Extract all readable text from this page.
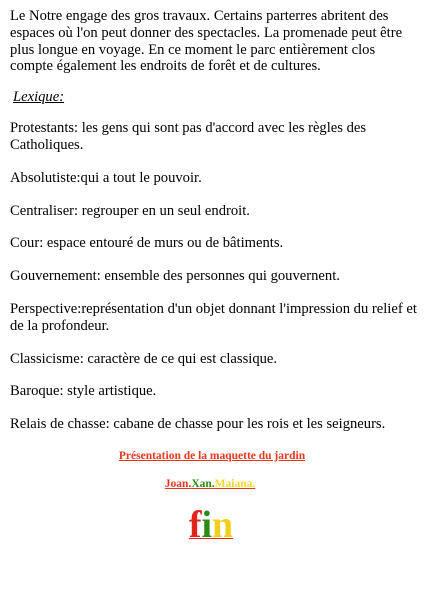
Le Notre engage des gros travaux. Certains parterres abritent des espaces où l'on peut donner des spectacles. La promenade peut être plus longue en voyage. En ce moment le parc entièrement clos compte également les endroits de forêt et de cultures.

Lexique:

Protestants: les gens qui sont pas d'accord avec les règles des Catholiques.

Absolutiste:qui a tout le pouvoir.

Centraliser: regrouper en un seul endroit.

Cour: espace entouré de murs ou de bâtiments.

Gouvernement: ensemble des personnes qui gouvernent.

Perspective:représentation d'un objet donnant l'impression du relief et de la profondeur.

Classicisme: caractère de ce qui est classique.

Baroque: style artistique.

Relais de chasse: cabane de chasse pour les rois et les seigneurs.

Présentation de la maquette du jardin
Joan.Xan.Maiana.
fin
